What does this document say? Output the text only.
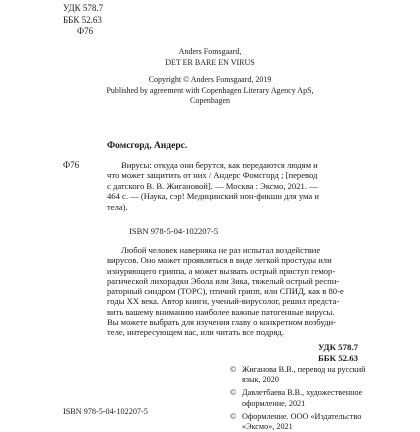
УДК 578.7
ББК 52.63
Ф76
Anders Fomsgaard,
DET ER BARE EN VIRUS
Copyright © Anders Fomsgaard, 2019
Published by agreement with Copenhagen Literary Agency ApS,
Copenhagen
Ф76
Фомсгорд, Андерс.
Вирусы: откуда они берутся, как передаются людям и
что может защитить от них / Андерс Фомсгорд ; [перевод
с датского В. В. Жигановой]. — Москва : Эксмо, 2021. —
464 с. — (Наука, сэр! Медицинский нон-фикшн для ума и
тела).
ISBN 978-5-04-102207-5
Любой человек наверняка не раз испытал воздействие
вирусов. Оно может проявляться в виде легкой простуды или
изнуряющего гриппа, а может вызвать острый приступ гемор-
рагической лихорадки Эбола или Зика, тяжелый острый респи-
раторный синдром (ТОРС), птичий грипп, или СПИД, как в 80-е
годы XX века. Автор книги, ученый-вирусолог, решил предста-
вить вашему вниманию наиболее важные патогенные вирусы.
Вы можете выбрать для изучения главу о конкретном возбуди-
теле, интересующем вас, или читать все подряд.
УДК 578.7
ББК 52.63
© Жиганова В.В., перевод на русский
язык, 2020
© Давлетбаева В.В., художественное
оформление, 2021
© Оформление. ООО «Издательство
«Эксмо», 2021
ISBN 978-5-04-102207-5
